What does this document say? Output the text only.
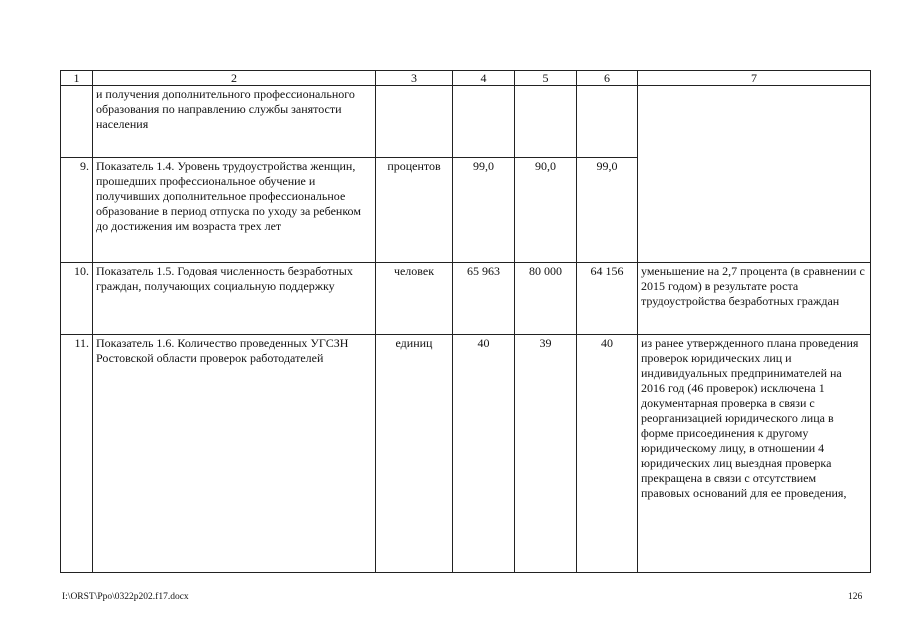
1	2	3	4	5	6	7
	и получения дополнительного профессионального образования по направлению службы занятости населения					
9.	Показатель 1.4. Уровень трудоустройства женщин, прошедших профессиональное обучение и получивших дополнительное профессиональное образование в период отпуска по уходу за ребенком до достижения им возраста трех лет	процентов	99,0	90,0	99,0	
10.	Показатель 1.5. Годовая численность безработных граждан, получающих социальную поддержку	человек	65 963	80 000	64 156	уменьшение на 2,7 процента (в сравнении с 2015 годом) в результате роста трудоустройства безработных граждан
11.	Показатель 1.6. Количество проведенных УГСЗН Ростовской области проверок работодателей	единиц	40	39	40	из ранее утвержденного плана проведения проверок юридических лиц и индивидуальных предпринимателей на 2016 год (46 проверок) исключена 1 документарная проверка в связи с реорганизацией юридического лица в форме присоединения к другому юридическому лицу, в отношении 4 юридических лиц выездная проверка прекращена в связи с отсутствием правовых оснований для ее проведения,
I:\ORST\Ppo\0322p202.f17.docx	126
